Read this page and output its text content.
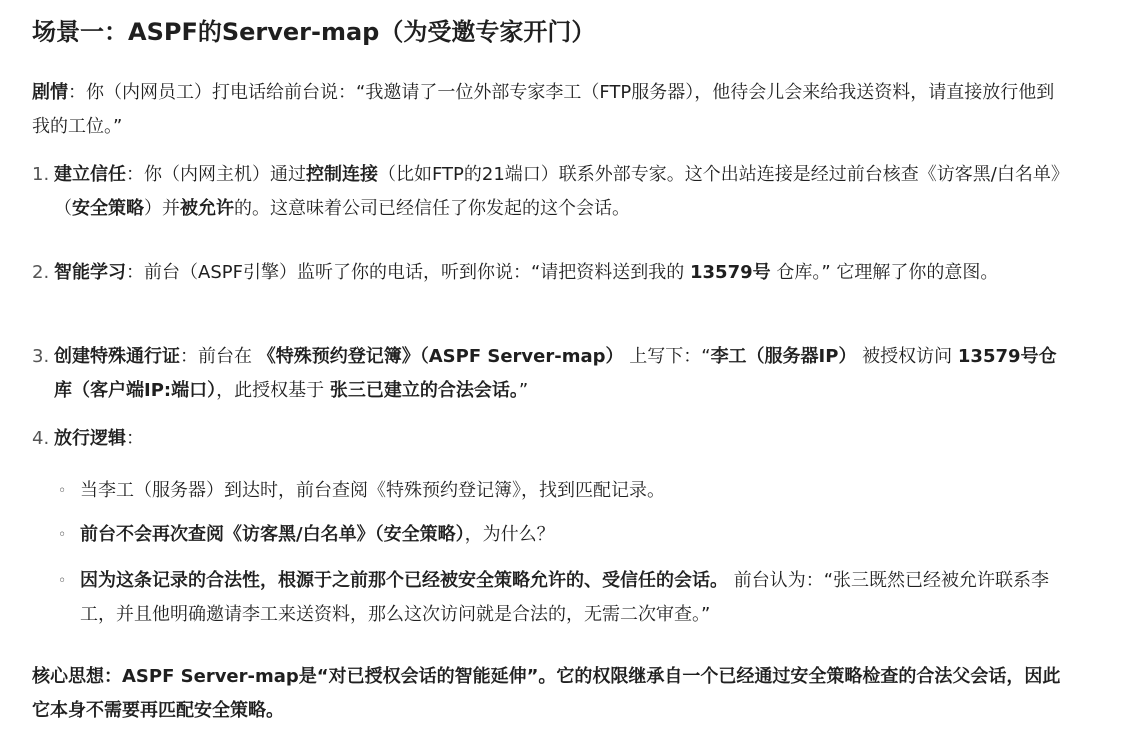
场景一：ASPF的Server-map（为受邀专家开门）
剧情：你（内网员工）打电话给前台说：“我邀请了一位外部专家李工（FTP服务器），他待会儿会来给我送资料，请直接放行他到我的工位。”
1. 建立信任：你（内网主机）通过控制连接（比如FTP的21端口）联系外部专家。这个出站连接是经过前台核查《访客黑/白名单》（安全策略）并被允许的。这意味着公司已经信任了你发起的这个会话。
2. 智能学习：前台（ASPF引擎）监听了你的电话，听到你说：“请把资料送到我的 13579号 仓库。” 它理解了你的意图。
3. 创建特殊通行证：前台在 《特殊预约登记簿》（ASPF Server-map） 上写下：“李工（服务器IP） 被授权访问 13579号仓库（客户端IP:端口），此授权基于 张三已建立的合法会话。”
4. 放行逻辑：
◦ 当李工（服务器）到达时，前台查阅《特殊预约登记簿》，找到匹配记录。
◦ 前台不会再次查阅《访客黑/白名单》（安全策略），为什么？
◦ 因为这条记录的合法性，根源于之前那个已经被安全策略允许的、受信任的会话。 前台认为：“张三既然已经被允许联系李工，并且他明确邀请李工来送资料，那么这次访问就是合法的，无需二次审查。”
核心思想：ASPF Server-map是“对已授权会话的智能延伸”。它的权限继承自一个已经通过安全策略检查的合法父会话，因此它本身不需要再匹配安全策略。
